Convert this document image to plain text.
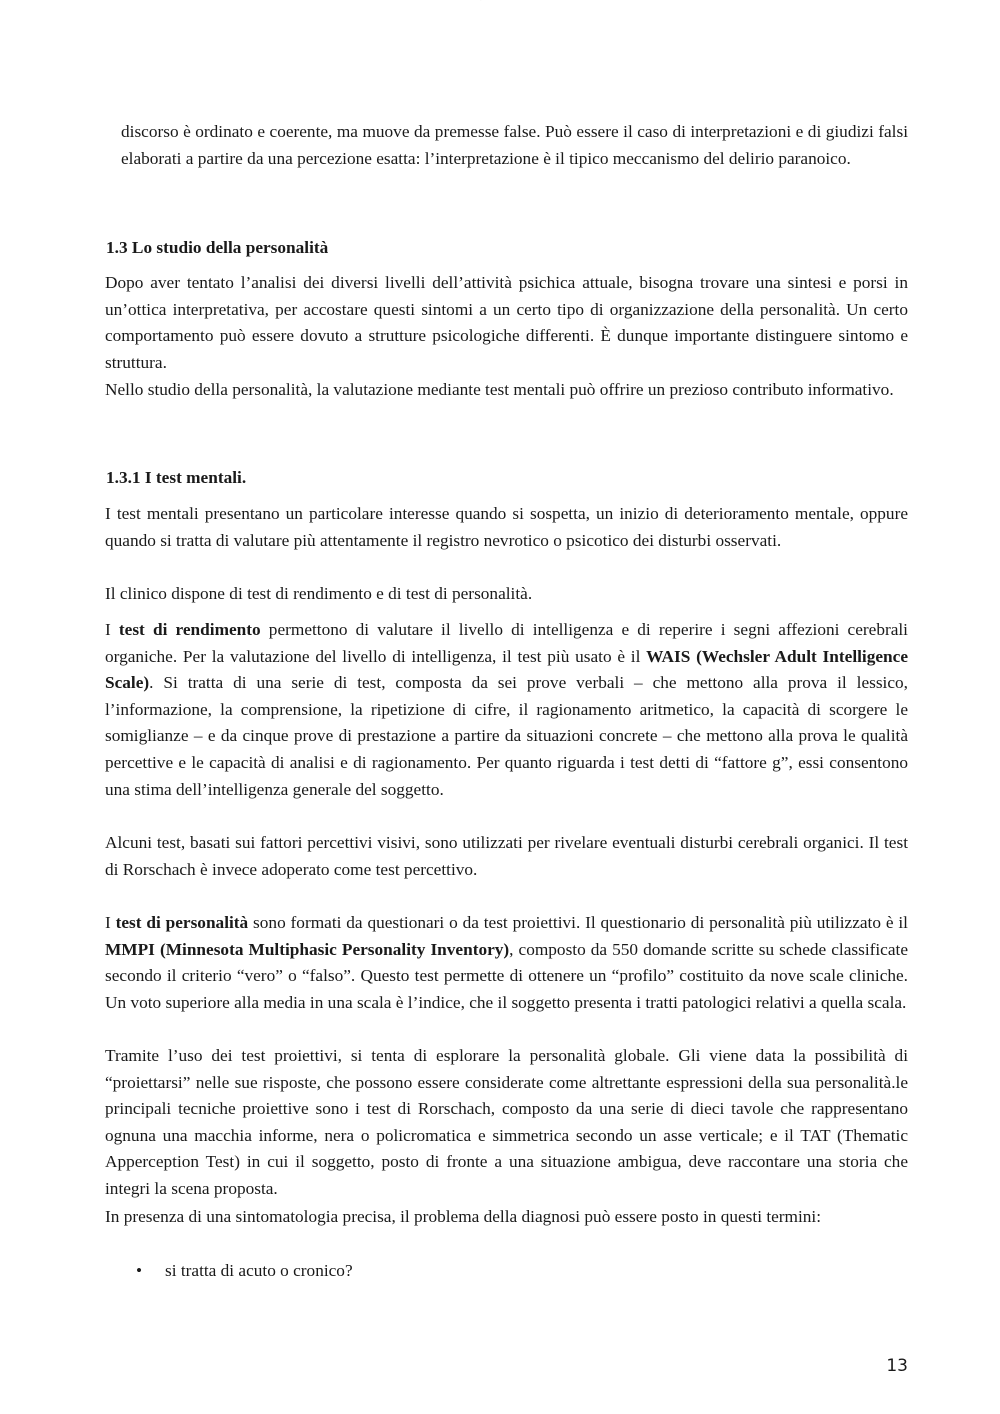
·

discorso è ordinato e coerente, ma muove da premesse false. Può essere il caso di interpretazioni e di giudizi falsi elaborati a partire da una percezione esatta: l’interpretazione è il tipico meccanismo del delirio paranoico.

1.3 Lo studio della personalità

Dopo aver tentato l’analisi dei diversi livelli dell’attività psichica attuale, bisogna trovare una sintesi e porsi in un’ottica interpretativa, per accostare questi sintomi a un certo tipo di organizzazione della personalità. Un certo comportamento può essere dovuto a strutture psicologiche differenti. È dunque importante distinguere sintomo e struttura.

Nello studio della personalità, la valutazione mediante test mentali può offrire un prezioso contributo informativo.

1.3.1 I test mentali.

I test mentali presentano un particolare interesse quando si sospetta, un inizio di deterioramento mentale, oppure quando si tratta di valutare più attentamente il registro nevrotico o psicotico dei disturbi osservati.

Il clinico dispone di test di rendimento e di test di personalità.

I test di rendimento permettono di valutare il livello di intelligenza e di reperire i segni affezioni cerebrali organiche. Per la valutazione del livello di intelligenza, il test più usato è il WAIS (Wechsler Adult Intelligence Scale). Si tratta di una serie di test, composta da sei prove verbali – che mettono alla prova il lessico, l’informazione, la comprensione, la ripetizione di cifre, il ragionamento aritmetico, la capacità di scorgere le somiglianze – e da cinque prove di prestazione a partire da situazioni concrete – che mettono alla prova le qualità percettive e le capacità di analisi e di ragionamento. Per quanto riguarda i test detti di “fattore g”, essi consentono una stima dell’intelligenza generale del soggetto.

Alcuni test, basati sui fattori percettivi visivi, sono utilizzati per rivelare eventuali disturbi cerebrali organici. Il test di Rorschach è invece adoperato come test percettivo.

I test di personalità sono formati da questionari o da test proiettivi. Il questionario di personalità più utilizzato è il MMPI (Minnesota Multiphasic Personality Inventory), composto da 550 domande scritte su schede classificate secondo il criterio “vero” o “falso”. Questo test permette di ottenere un “profilo” costituito da nove scale cliniche. Un voto superiore alla media in una scala è l’indice, che il soggetto presenta i tratti patologici relativi a quella scala.

Tramite l’uso dei test proiettivi, si tenta di esplorare la personalità globale. Gli viene data la possibilità di “proiettarsi” nelle sue risposte, che possono essere considerate come altrettante espressioni della sua personalità.le principali tecniche proiettive sono i test di Rorschach, composto da una serie di dieci tavole che rappresentano ognuna una macchia informe, nera o policromatica e simmetrica secondo un asse verticale; e il TAT (Thematic Apperception Test) in cui il soggetto, posto di fronte a una situazione ambigua, deve raccontare una storia che integri la scena proposta.

In presenza di una sintomatologia precisa, il problema della diagnosi può essere posto in questi termini:

• si tratta di acuto o cronico?
13
